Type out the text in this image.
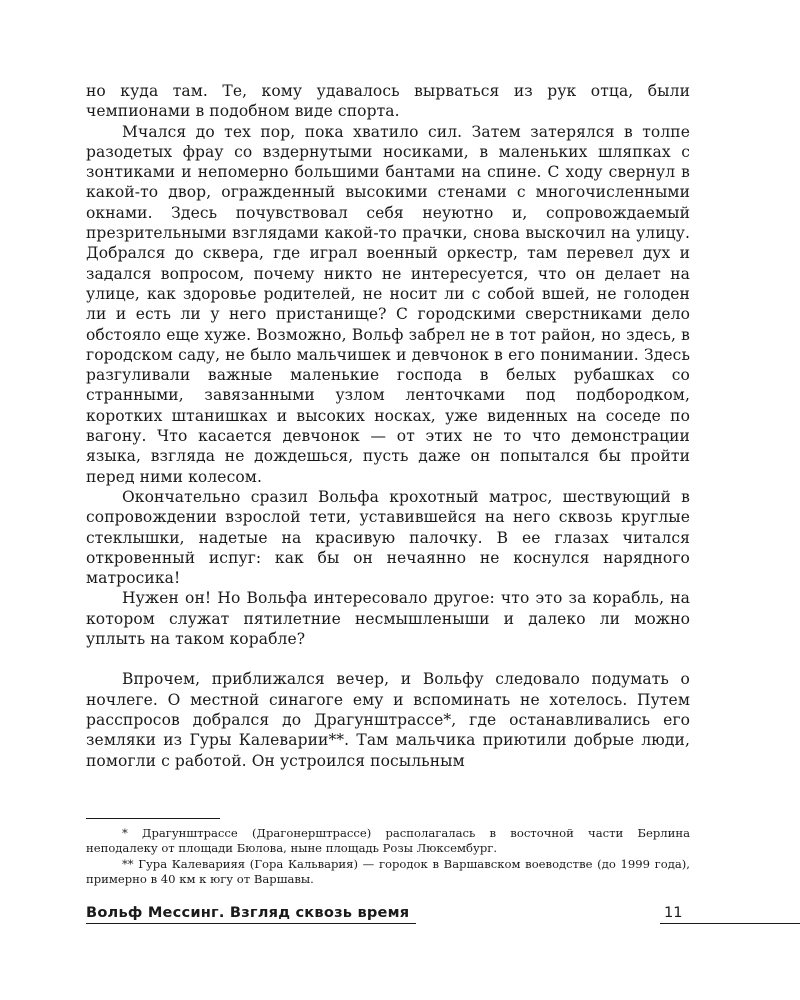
но куда там. Те, кому удавалось вырваться из рук отца, были чемпионами в подобном виде спорта.

Мчался до тех пор, пока хватило сил. Затем затерялся в толпе разодетых фрау со вздернутыми носиками, в маленьких шляпках с зонтиками и непомерно большими бантами на спине. С ходу свернул в какой-то двор, огражденный высокими стенами с многочисленными окнами. Здесь почувствовал себя неуютно и, сопровождаемый презрительными взглядами какой-то прачки, снова выскочил на улицу. Добрался до сквера, где играл военный оркестр, там перевел дух и задался вопросом, почему никто не интересуется, что он делает на улице, как здоровье родителей, не носит ли с собой вшей, не голоден ли и есть ли у него пристанище? С городскими сверстниками дело обстояло еще хуже. Возможно, Вольф забрел не в тот район, но здесь, в городском саду, не было мальчишек и девчонок в его понимании. Здесь разгуливали важные маленькие господа в белых рубашках со странными, завязанными узлом ленточками под подбородком, коротких штанишках и высоких носках, уже виденных на соседе по вагону. Что касается девчонок — от этих не то что демонстрации языка, взгляда не дождешься, пусть даже он попытался бы пройти перед ними колесом.

Окончательно сразил Вольфа крохотный матрос, шествующий в сопровождении взрослой тети, уставившейся на него сквозь круглые стеклышки, надетые на красивую палочку. В ее глазах читался откровенный испуг: как бы он нечаянно не коснулся нарядного матросика!

Нужен он! Но Вольфа интересовало другое: что это за корабль, на котором служат пятилетние несмышленыши и далеко ли можно уплыть на таком корабле?

Впрочем, приближался вечер, и Вольфу следовало подумать о ночлеге. О местной синагоге ему и вспоминать не хотелось. Путем расспросов добрался до Драгунштрассе*, где останавливались его земляки из Гуры Калеварии**. Там мальчика приютили добрые люди, помогли с работой. Он устроился посыльным

* Драгунштрассе (Драгонерштрассе) располагалась в восточной части Берлина неподалеку от площади Бюлова, ныне площадь Розы Люксембург.

** Гура Калеварияя (Гора Кальвария) — городок в Варшавском воеводстве (до 1999 года), примерно в 40 км к югу от Варшавы.

Вольф Мессинг. Взгляд сквозь время	11
